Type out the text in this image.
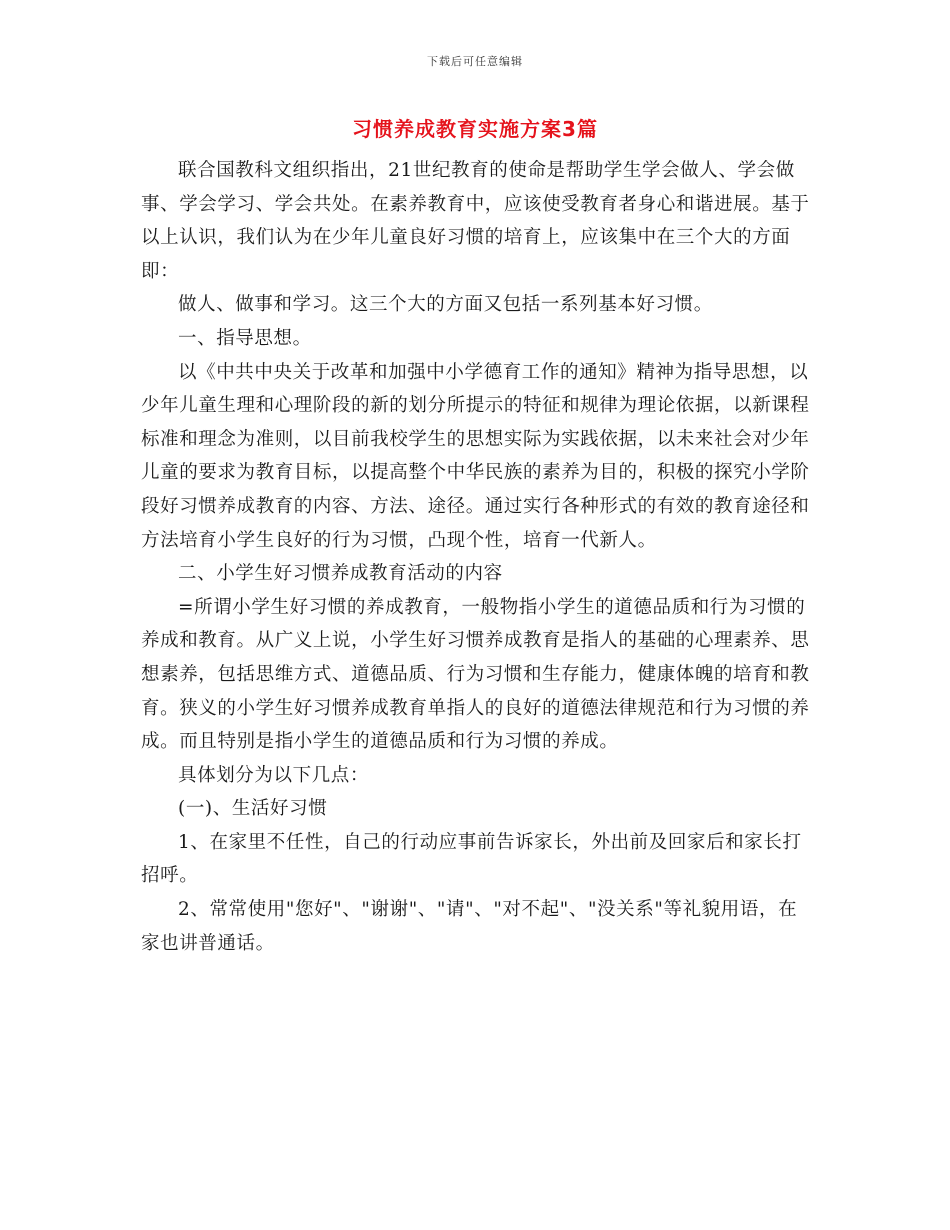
下载后可任意编辑
习惯养成教育实施方案3篇

联合国教科文组织指出，21世纪教育的使命是帮助学生学会做人、学会做事、学会学习、学会共处。在素养教育中，应该使受教育者身心和谐进展。基于以上认识，我们认为在少年儿童良好习惯的培育上，应该集中在三个大的方面即：

做人、做事和学习。这三个大的方面又包括一系列基本好习惯。

一、指导思想。

以《中共中央关于改革和加强中小学德育工作的通知》精神为指导思想，以少年儿童生理和心理阶段的新的划分所提示的特征和规律为理论依据，以新课程标准和理念为准则，以目前我校学生的思想实际为实践依据，以未来社会对少年儿童的要求为教育目标，以提高整个中华民族的素养为目的，积极的探究小学阶段好习惯养成教育的内容、方法、途径。通过实行各种形式的有效的教育途径和方法培育小学生良好的行为习惯，凸现个性，培育一代新人。

二、小学生好习惯养成教育活动的内容

=所谓小学生好习惯的养成教育，一般物指小学生的道德品质和行为习惯的养成和教育。从广义上说，小学生好习惯养成教育是指人的基础的心理素养、思想素养，包括思维方式、道德品质、行为习惯和生存能力，健康体魄的培育和教育。狭义的小学生好习惯养成教育单指人的良好的道德法律规范和行为习惯的养成。而且特别是指小学生的道德品质和行为习惯的养成。

具体划分为以下几点：

(一)、生活好习惯

1、在家里不任性，自己的行动应事前告诉家长，外出前及回家后和家长打招呼。

2、常常使用"您好"、"谢谢"、"请"、"对不起"、"没关系"等礼貌用语，在家也讲普通话。
